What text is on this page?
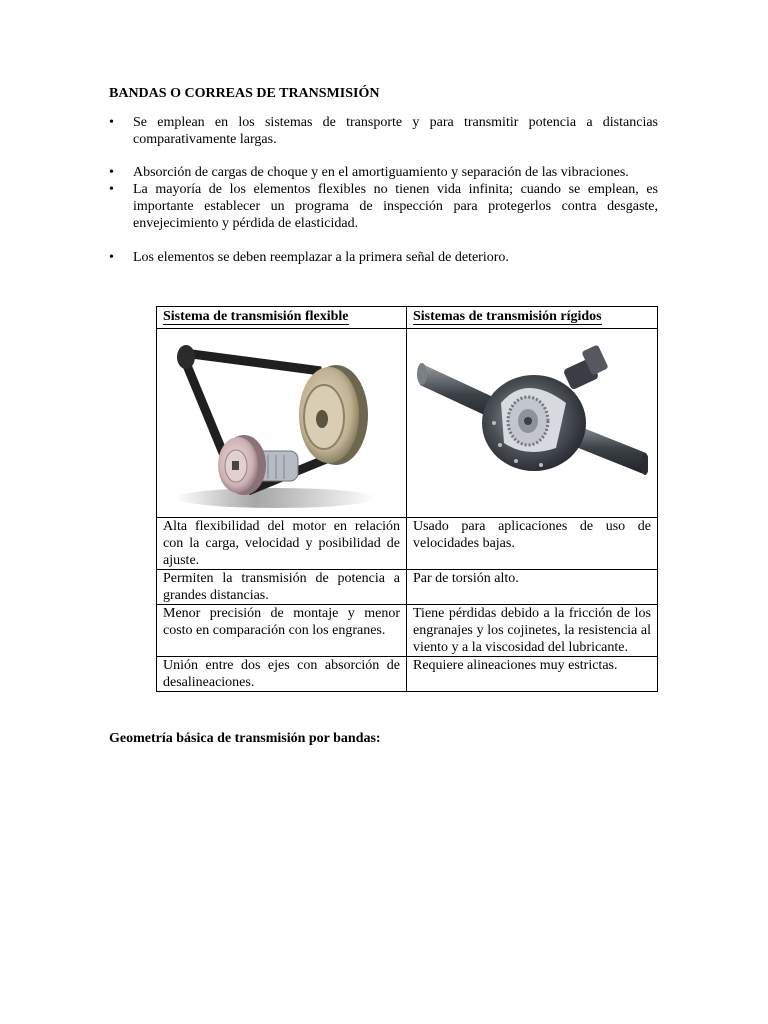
BANDAS O CORREAS DE TRANSMISIÓN
• Se emplean en los sistemas de transporte y para transmitir potencia a distancias comparativamente largas.
• Absorción de cargas de choque y en el amortiguamiento y separación de las vibraciones.
• La mayoría de los elementos flexibles no tienen vida infinita; cuando se emplean, es importante establecer un programa de inspección para protegerlos contra desgaste, envejecimiento y pérdida de elasticidad.
• Los elementos se deben reemplazar a la primera señal de deterioro.
Sistema de transmisión flexible	Sistemas de transmisión rígidos

Alta flexibilidad del motor en relación con la carga, velocidad y posibilidad de ajuste.	Usado para aplicaciones de uso de velocidades bajas.
Permiten la transmisión de potencia a grandes distancias.	Par de torsión alto.
Menor precisión de montaje y menor costo en comparación con los engranes.	Tiene pérdidas debido a la fricción de los engranajes y los cojinetes, la resistencia al viento y a la viscosidad del lubricante.
Unión entre dos ejes con absorción de desalineaciones.	Requiere alineaciones muy estrictas.
Geometría básica de transmisión por bandas:
